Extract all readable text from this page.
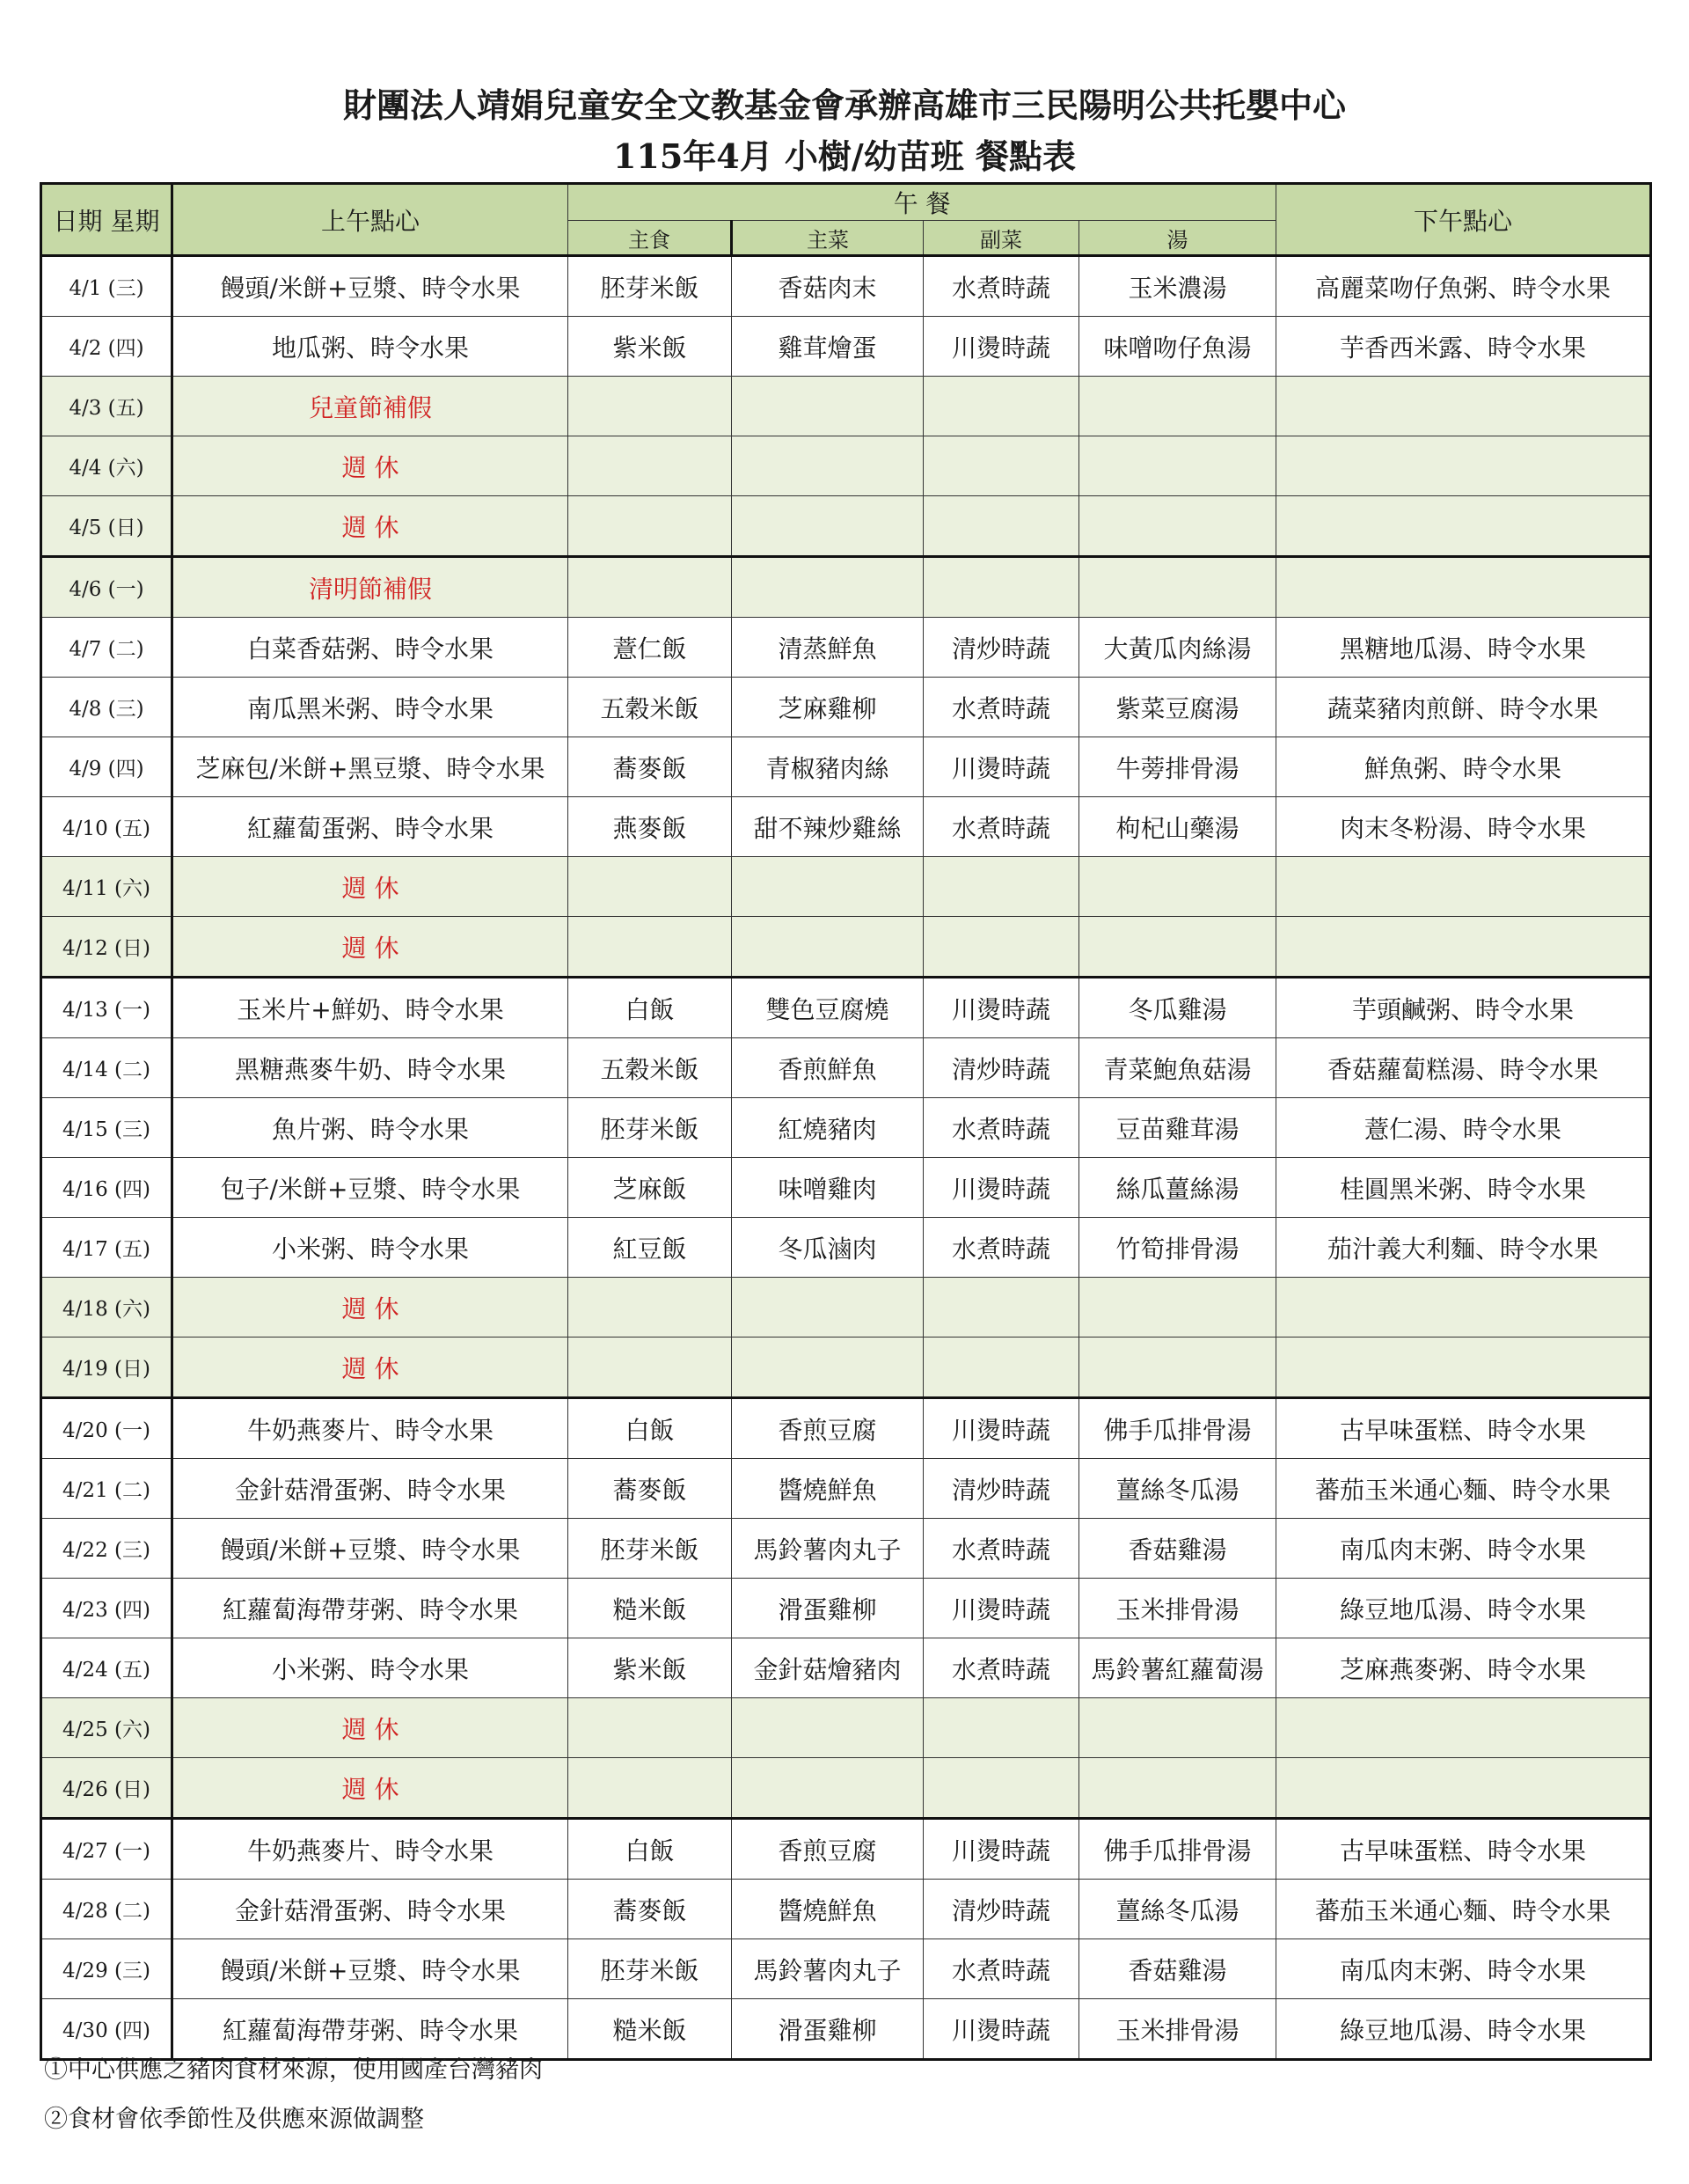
財團法人靖娟兒童安全文教基金會承辦高雄市三民陽明公共托嬰中心
115年4月 小樹/幼苗班 餐點表
日期 星期	上午點心	午 餐				下午點心
		主食	主菜	副菜	湯	
4/1 (三)	饅頭/米餅+豆漿、時令水果	胚芽米飯	香菇肉末	水煮時蔬	玉米濃湯	高麗菜吻仔魚粥、時令水果
4/2 (四)	地瓜粥、時令水果	紫米飯	雞茸燴蛋	川燙時蔬	味噌吻仔魚湯	芋香西米露、時令水果
4/3 (五)	兒童節補假					
4/4 (六)	週 休					
4/5 (日)	週 休					
4/6 (一)	清明節補假					
4/7 (二)	白菜香菇粥、時令水果	薏仁飯	清蒸鮮魚	清炒時蔬	大黃瓜肉絲湯	黑糖地瓜湯、時令水果
4/8 (三)	南瓜黑米粥、時令水果	五穀米飯	芝麻雞柳	水煮時蔬	紫菜豆腐湯	蔬菜豬肉煎餅、時令水果
4/9 (四)	芝麻包/米餅+黑豆漿、時令水果	蕎麥飯	青椒豬肉絲	川燙時蔬	牛蒡排骨湯	鮮魚粥、時令水果
4/10 (五)	紅蘿蔔蛋粥、時令水果	燕麥飯	甜不辣炒雞絲	水煮時蔬	枸杞山藥湯	肉末冬粉湯、時令水果
4/11 (六)	週 休					
4/12 (日)	週 休					
4/13 (一)	玉米片+鮮奶、時令水果	白飯	雙色豆腐燒	川燙時蔬	冬瓜雞湯	芋頭鹹粥、時令水果
4/14 (二)	黑糖燕麥牛奶、時令水果	五穀米飯	香煎鮮魚	清炒時蔬	青菜鮑魚菇湯	香菇蘿蔔糕湯、時令水果
4/15 (三)	魚片粥、時令水果	胚芽米飯	紅燒豬肉	水煮時蔬	豆苗雞茸湯	薏仁湯、時令水果
4/16 (四)	包子/米餅+豆漿、時令水果	芝麻飯	味噌雞肉	川燙時蔬	絲瓜薑絲湯	桂圓黑米粥、時令水果
4/17 (五)	小米粥、時令水果	紅豆飯	冬瓜滷肉	水煮時蔬	竹筍排骨湯	茄汁義大利麵、時令水果
4/18 (六)	週 休					
4/19 (日)	週 休					
4/20 (一)	牛奶燕麥片、時令水果	白飯	香煎豆腐	川燙時蔬	佛手瓜排骨湯	古早味蛋糕、時令水果
4/21 (二)	金針菇滑蛋粥、時令水果	蕎麥飯	醬燒鮮魚	清炒時蔬	薑絲冬瓜湯	蕃茄玉米通心麵、時令水果
4/22 (三)	饅頭/米餅+豆漿、時令水果	胚芽米飯	馬鈴薯肉丸子	水煮時蔬	香菇雞湯	南瓜肉末粥、時令水果
4/23 (四)	紅蘿蔔海帶芽粥、時令水果	糙米飯	滑蛋雞柳	川燙時蔬	玉米排骨湯	綠豆地瓜湯、時令水果
4/24 (五)	小米粥、時令水果	紫米飯	金針菇燴豬肉	水煮時蔬	馬鈴薯紅蘿蔔湯	芝麻燕麥粥、時令水果
4/25 (六)	週 休					
4/26 (日)	週 休					
4/27 (一)	牛奶燕麥片、時令水果	白飯	香煎豆腐	川燙時蔬	佛手瓜排骨湯	古早味蛋糕、時令水果
4/28 (二)	金針菇滑蛋粥、時令水果	蕎麥飯	醬燒鮮魚	清炒時蔬	薑絲冬瓜湯	蕃茄玉米通心麵、時令水果
4/29 (三)	饅頭/米餅+豆漿、時令水果	胚芽米飯	馬鈴薯肉丸子	水煮時蔬	香菇雞湯	南瓜肉末粥、時令水果
4/30 (四)	紅蘿蔔海帶芽粥、時令水果	糙米飯	滑蛋雞柳	川燙時蔬	玉米排骨湯	綠豆地瓜湯、時令水果
①中心供應之豬肉食材來源，使用國產台灣豬肉
②食材會依季節性及供應來源做調整
